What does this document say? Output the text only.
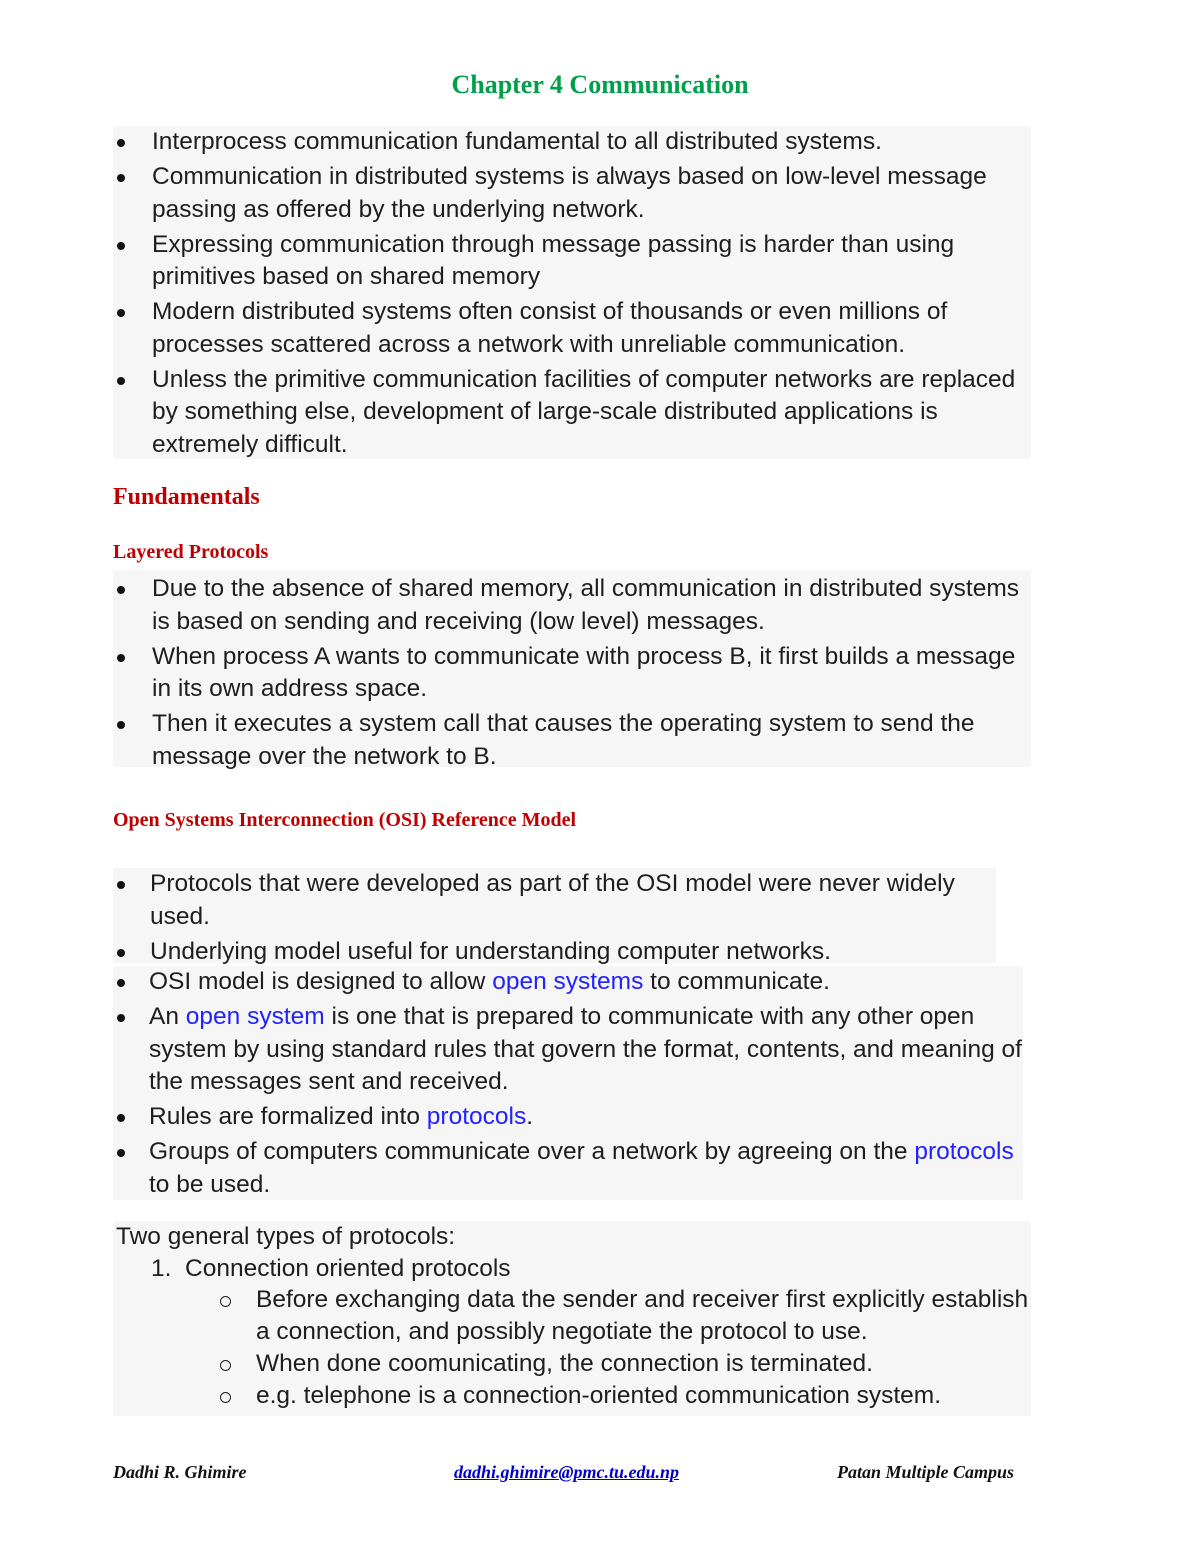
Chapter 4 Communication
Interprocess communication fundamental to all distributed systems.
Communication in distributed systems is always based on low-level message passing as offered by the underlying network.
Expressing communication through message passing is harder than using primitives based on shared memory
Modern distributed systems often consist of thousands or even millions of processes scattered across a network with unreliable communication.
Unless the primitive communication facilities of computer networks are replaced by something else, development of large-scale distributed applications is extremely difficult.
Fundamentals
Layered Protocols
Due to the absence of shared memory, all communication in distributed systems is based on sending and receiving (low level) messages.
When process A wants to communicate with process B, it first builds a message in its own address space.
Then it executes a system call that causes the operating system to send the message over the network to B.
Open Systems Interconnection (OSI) Reference Model
Protocols that were developed as part of the OSI model were never widely used.
Underlying model useful for understanding computer networks.
OSI model is designed to allow open systems to communicate.
An open system is one that is prepared to communicate with any other open system by using standard rules that govern the format, contents, and meaning of the messages sent and received.
Rules are formalized into protocols.
Groups of computers communicate over a network by agreeing on the protocols to be used.
Two general types of protocols:
1. Connection oriented protocols
Before exchanging data the sender and receiver first explicitly establish a connection, and possibly negotiate the protocol to use.
When done coomunicating, the connection is terminated.
e.g. telephone is a connection-oriented communication system.
Dadhi R. Ghimire	dadhi.ghimire@pmc.tu.edu.np	Patan Multiple Campus
